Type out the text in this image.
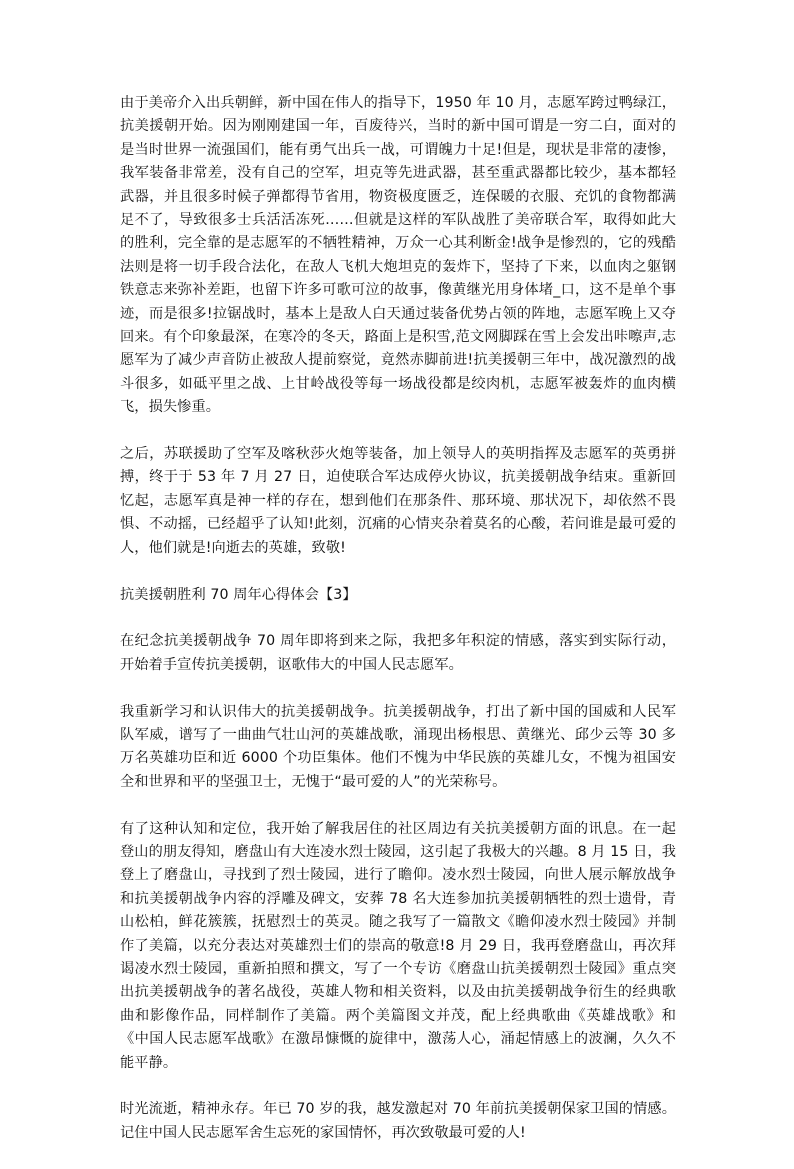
由于美帝介入出兵朝鲜，新中国在伟人的指导下，1950 年 10 月，志愿军跨过鸭绿江，抗美援朝开始。因为刚刚建国一年，百废待兴，当时的新中国可谓是一穷二白，面对的是当时世界一流强国们，能有勇气出兵一战，可谓魄力十足!但是，现状是非常的凄惨，我军装备非常差，没有自己的空军，坦克等先进武器，甚至重武器都比较少，基本都轻武器，并且很多时候子弹都得节省用，物资极度匮乏，连保暖的衣服、充饥的食物都满足不了，导致很多士兵活活冻死……但就是这样的军队战胜了美帝联合军，取得如此大的胜利，完全靠的是志愿军的不牺牲精神，万众一心其利断金!战争是惨烈的，它的残酷法则是将一切手段合法化，在敌人飞机大炮坦克的轰炸下，坚持了下来，以血肉之躯钢铁意志来弥补差距，也留下许多可歌可泣的故事，像黄继光用身体堵_口，这不是单个事迹，而是很多!拉锯战时，基本上是敌人白天通过装备优势占领的阵地，志愿军晚上又夺回来。有个印象最深，在寒冷的冬天，路面上是积雪,范文网脚踩在雪上会发出咔嚓声,志愿军为了减少声音防止被敌人提前察觉，竟然赤脚前进!抗美援朝三年中，战况激烈的战斗很多，如砥平里之战、上甘岭战役等每一场战役都是绞肉机，志愿军被轰炸的血肉横飞，损失惨重。

之后，苏联援助了空军及喀秋莎火炮等装备，加上领导人的英明指挥及志愿军的英勇拼搏，终于于 53 年 7 月 27 日，迫使联合军达成停火协议，抗美援朝战争结束。重新回忆起，志愿军真是神一样的存在，想到他们在那条件、那环境、那状况下，却依然不畏惧、不动摇，已经超乎了认知!此刻，沉痛的心情夹杂着莫名的心酸，若问谁是最可爱的人，他们就是!向逝去的英雄，致敬!

抗美援朝胜利 70 周年心得体会【3】

在纪念抗美援朝战争 70 周年即将到来之际，我把多年积淀的情感，落实到实际行动，开始着手宣传抗美援朝，讴歌伟大的中国人民志愿军。

我重新学习和认识伟大的抗美援朝战争。抗美援朝战争，打出了新中国的国威和人民军队军威，谱写了一曲曲气壮山河的英雄战歌，涌现出杨根思、黄继光、邱少云等 30 多万名英雄功臣和近 6000 个功臣集体。他们不愧为中华民族的英雄儿女，不愧为祖国安全和世界和平的坚强卫士，无愧于“最可爱的人”的光荣称号。

有了这种认知和定位，我开始了解我居住的社区周边有关抗美援朝方面的讯息。在一起登山的朋友得知，磨盘山有大连凌水烈士陵园，这引起了我极大的兴趣。8 月 15 日，我登上了磨盘山，寻找到了烈士陵园，进行了瞻仰。凌水烈士陵园，向世人展示解放战争和抗美援朝战争内容的浮雕及碑文，安葬 78 名大连参加抗美援朝牺牲的烈士遗骨，青山松柏，鲜花簇簇，抚慰烈士的英灵。随之我写了一篇散文《瞻仰凌水烈士陵园》并制作了美篇，以充分表达对英雄烈士们的崇高的敬意!8 月 29 日，我再登磨盘山，再次拜谒凌水烈士陵园，重新拍照和撰文，写了一个专访《磨盘山抗美援朝烈士陵园》重点突出抗美援朝战争的著名战役，英雄人物和相关资料，以及由抗美援朝战争衍生的经典歌曲和影像作品，同样制作了美篇。两个美篇图文并茂，配上经典歌曲《英雄战歌》和《中国人民志愿军战歌》在激昂慷慨的旋律中，激荡人心，涌起情感上的波澜，久久不能平静。

时光流逝，精神永存。年已 70 岁的我，越发激起对 70 年前抗美援朝保家卫国的情感。记住中国人民志愿军舍生忘死的家国情怀，再次致敬最可爱的人!
